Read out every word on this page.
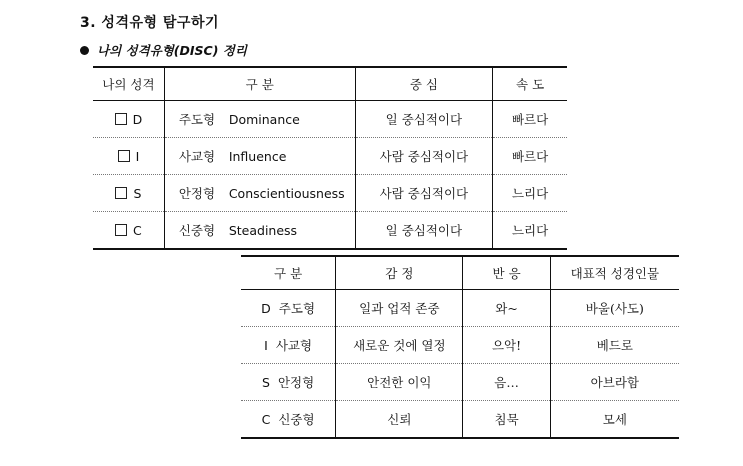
3. 성격유형 탐구하기
나의 성격유형(DISC) 정리
나의 성격	구 분	중 심	속 도
D	주도형 Dominance	일 중심적이다	빠르다
I	사교형 Influence	사람 중심적이다	빠르다
S	안정형 Conscientiousness	사람 중심적이다	느리다
C	신중형 Steadiness	일 중심적이다	느리다
구 분	감 정	반 응	대표적 성경인물
D 주도형	일과 업적 존중	와~	바울(사도)
I 사교형	새로운 것에 열정	으악!	베드로
S 안정형	안전한 이익	음…	아브라함
C 신중형	신뢰	침묵	모세
